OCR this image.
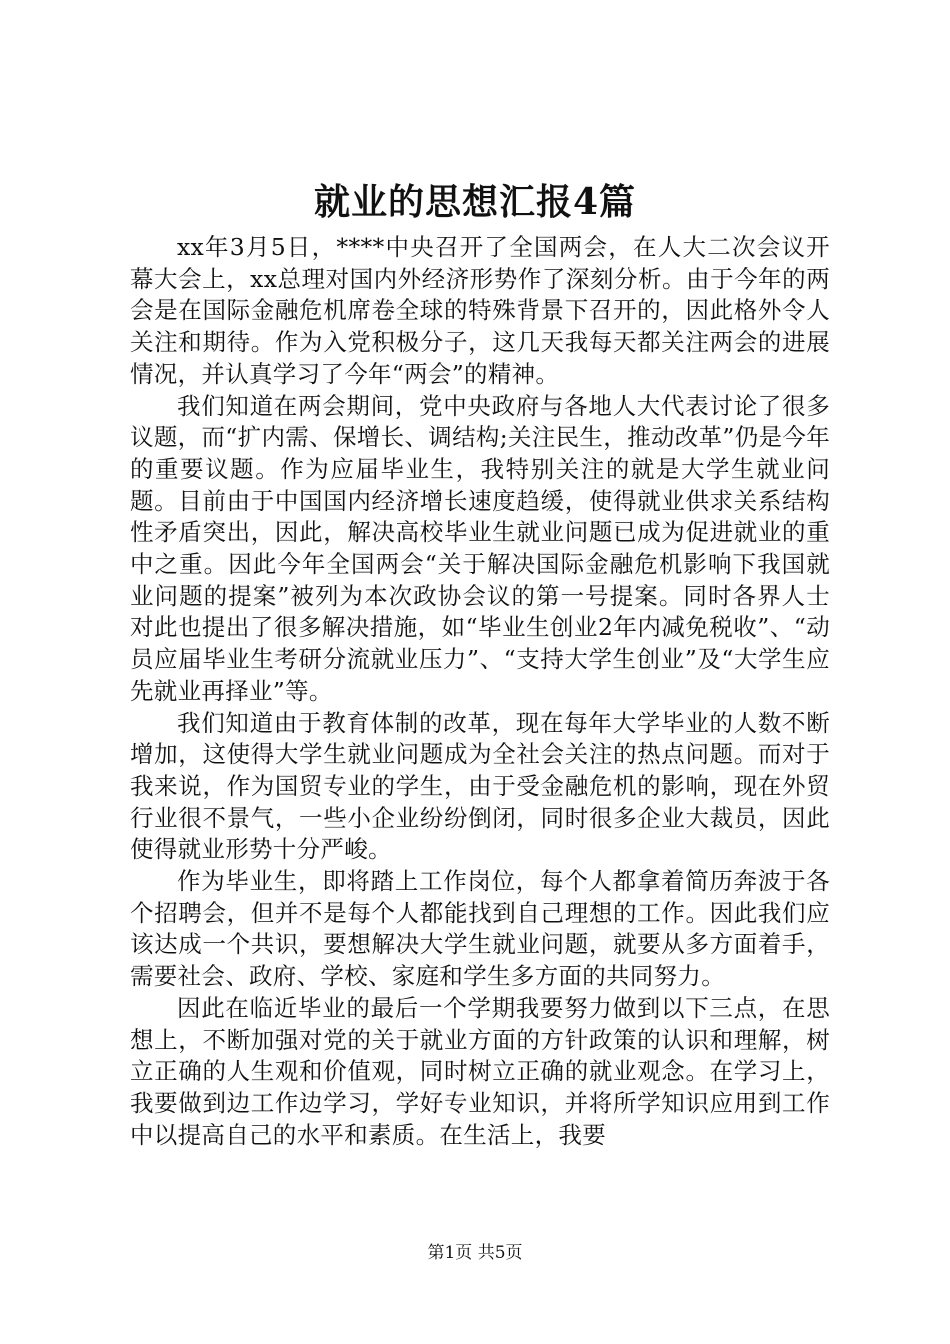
就业的思想汇报4篇

xx年3月5日，****中央召开了全国两会，在人大二次会议开幕大会上，xx总理对国内外经济形势作了深刻分析。由于今年的两会是在国际金融危机席卷全球的特殊背景下召开的，因此格外令人关注和期待。作为入党积极分子，这几天我每天都关注两会的进展情况，并认真学习了今年“两会”的精神。

我们知道在两会期间，党中央政府与各地人大代表讨论了很多议题，而“扩内需、保增长、调结构;关注民生，推动改革”仍是今年的重要议题。作为应届毕业生，我特别关注的就是大学生就业问题。目前由于中国国内经济增长速度趋缓，使得就业供求关系结构性矛盾突出，因此，解决高校毕业生就业问题已成为促进就业的重中之重。因此今年全国两会“关于解决国际金融危机影响下我国就业问题的提案”被列为本次政协会议的第一号提案。同时各界人士对此也提出了很多解决措施，如“毕业生创业2年内减免税收”、“动员应届毕业生考研分流就业压力”、“支持大学生创业”及“大学生应先就业再择业”等。

我们知道由于教育体制的改革，现在每年大学毕业的人数不断增加，这使得大学生就业问题成为全社会关注的热点问题。而对于我来说，作为国贸专业的学生，由于受金融危机的影响，现在外贸行业很不景气，一些小企业纷纷倒闭，同时很多企业大裁员，因此使得就业形势十分严峻。

作为毕业生，即将踏上工作岗位，每个人都拿着简历奔波于各个招聘会，但并不是每个人都能找到自己理想的工作。因此我们应该达成一个共识，要想解决大学生就业问题，就要从多方面着手，需要社会、政府、学校、家庭和学生多方面的共同努力。

因此在临近毕业的最后一个学期我要努力做到以下三点，在思想上，不断加强对党的关于就业方面的方针政策的认识和理解，树立正确的人生观和价值观，同时树立正确的就业观念。在学习上，我要做到边工作边学习，学好专业知识，并将所学知识应用到工作中以提高自己的水平和素质。在生活上，我要

第1页 共5页
